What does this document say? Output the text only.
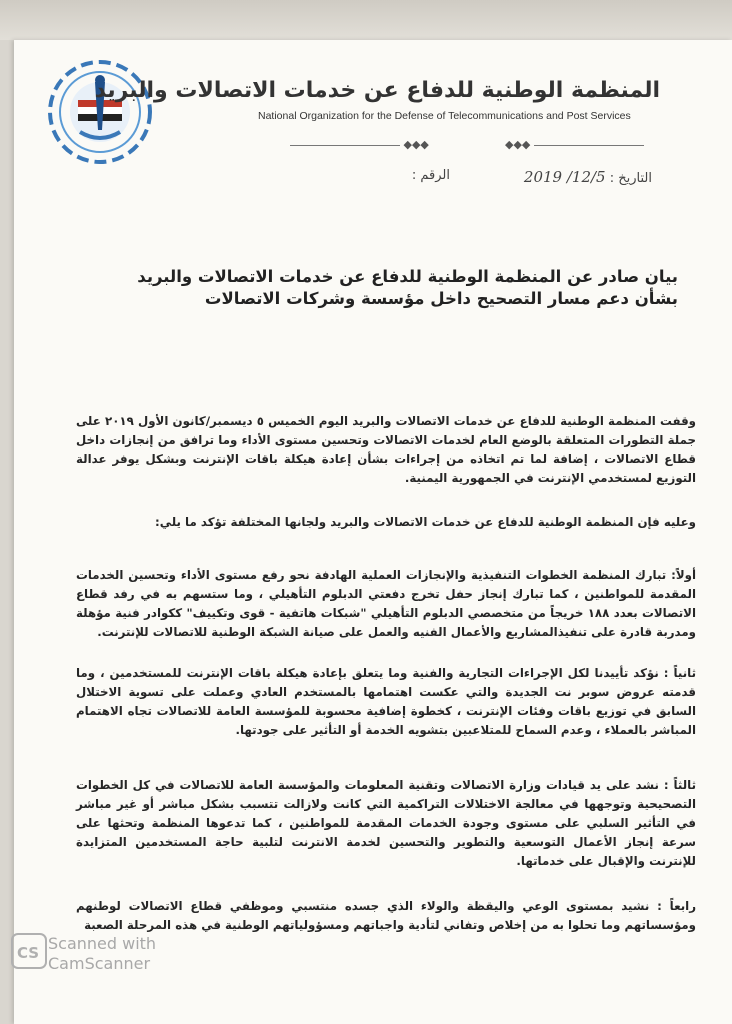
المنظمة الوطنية للدفاع عن خدمات الاتصالات والبريد
National Organization for the Defense of Telecommunications and Post Services
◆◆◆	◆◆◆
التاريخ : 2019 /12/5
الرقم :
بيان صادر عن المنظمة الوطنية للدفاع عن خدمات الاتصالات والبريد بشأن دعم مسار التصحيح داخل مؤسسة وشركات الاتصالات
وقفت المنظمة الوطنية للدفاع عن خدمات الاتصالات والبريد اليوم الخميس ٥ ديسمبر/كانون الأول ٢٠١٩ على جملة التطورات المتعلقة بالوضع العام لخدمات الاتصالات وتحسين مستوى الأداء وما ترافق من إنجازات داخل قطاع الاتصالات ، إضافة لما تم اتخاذه من إجراءات بشأن إعادة هيكلة باقات الإنترنت وبشكل يوفر عدالة التوزيع لمستخدمي الإنترنت في الجمهورية اليمنية.
وعليه فإن المنظمة الوطنية للدفاع عن خدمات الاتصالات والبريد ولجانها المختلفة تؤكد ما يلي:
أولاً: تبارك المنظمة الخطوات التنفيذية والإنجازات العملية الهادفة نحو رفع مستوى الأداء وتحسين الخدمات المقدمة للمواطنين ، كما تبارك إنجاز حفل تخرج دفعتي الدبلوم التأهيلي ، وما ستسهم به في رفد قطاع الاتصالات بعدد ١٨٨ خريجاً من متخصصي الدبلوم التأهيلي "شبكات هاتفية - قوى وتكييف" ككوادر فنية مؤهلة ومدربة قادرة على تنفيذالمشاريع والأعمال الفنيه والعمل على صيانة الشبكة الوطنية للاتصالات للإنترنت.
ثانياً : نؤكد تأييدنا لكل الإجراءات التجارية والفنية وما يتعلق بإعادة هيكلة باقات الإنترنت للمستخدمين ، وما قدمته عروض سوبر نت الجديدة والتي عكست اهتمامها بالمستخدم العادي وعملت على تسوية الاختلال السابق في توزيع باقات وفئات الإنترنت ، كخطوة إضافية محسوبة للمؤسسة العامة للاتصالات تجاه الاهتمام المباشر بالعملاء ، وعدم السماح للمتلاعبين بتشويه الخدمة أو التأثير على جودتها.
ثالثاً : نشد على يد قيادات وزارة الاتصالات وتقنية المعلومات والمؤسسة العامة للاتصالات في كل الخطوات التصحيحية وتوجهها في معالجة الاختلالات التراكمية التي كانت ولازالت تتسبب بشكل مباشر أو غير مباشر في التأثير السلبي على مستوى وجودة الخدمات المقدمة للمواطنين ، كما تدعوها المنظمة وتحثها على سرعة إنجاز الأعمال التوسعية والتطوير والتحسين لخدمة الانترنت لتلبية حاجة المستخدمين المتزايدة للإنترنت والإقبال على خدماتها.
رابعاً : نشيد بمستوى الوعي واليقظة والولاء الذي جسده منتسبي وموظفي قطاع الاتصالات لوطنهم ومؤسساتهم وما تحلوا به من إخلاص وتفاني لتأدية واجباتهم ومسؤولياتهم الوطنية في هذه المرحلة الصعبة
CS Scanned with
CamScanner
